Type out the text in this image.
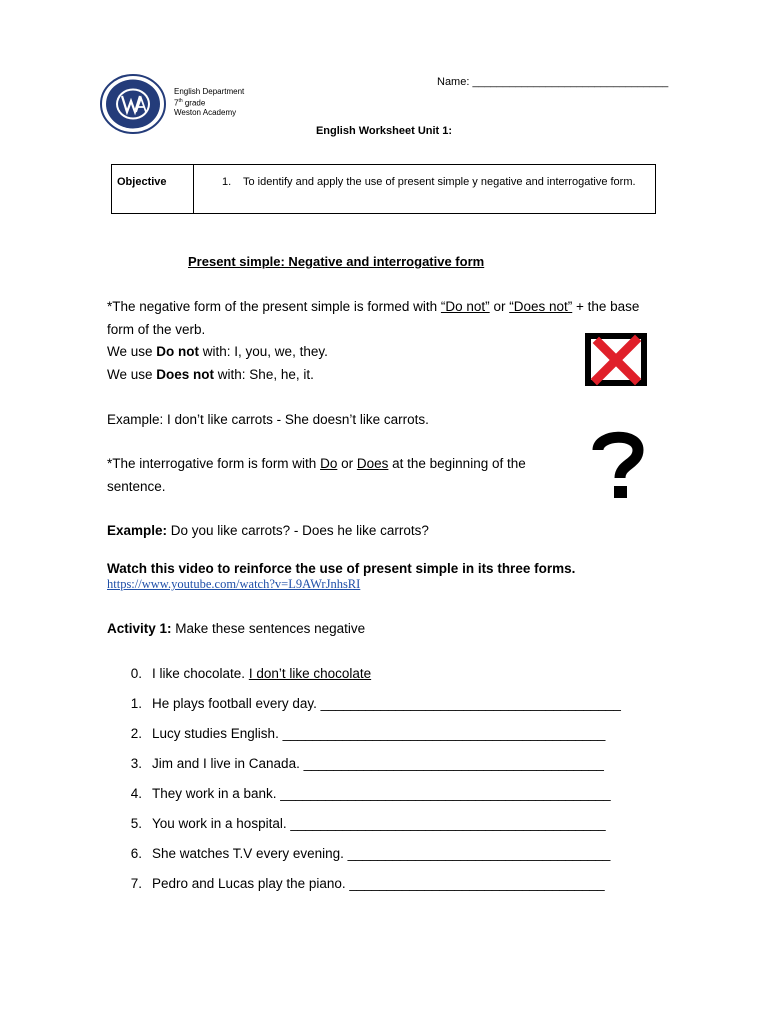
English Department
7th grade
Weston Academy
Name: ________________________________
English Worksheet Unit 1:
Objective	1. To identify and apply the use of present simple y negative and interrogative form.
Present simple: Negative and interrogative form
*The negative form of the present simple is formed with “Do not” or “Does not” + the base
form of the verb.
We use Do not with: I, you, we, they.
We use Does not with: She, he, it.
Example: I don’t like carrots - She doesn’t like carrots.
*The interrogative form is form with Do or Does at the beginning of the
sentence.
Example: Do you like carrots? - Does he like carrots?
Watch this video to reinforce the use of present simple in its three forms.
https://www.youtube.com/watch?v=L9AWrJnhsRI
Activity 1: Make these sentences negative
0. I like chocolate. I don’t like chocolate
1. He plays football every day. ________________________________________
2. Lucy studies English. ___________________________________________
3. Jim and I live in Canada. ________________________________________
4. They work in a bank. ____________________________________________
5. You work in a hospital. __________________________________________
6. She watches T.V every evening. ___________________________________
7. Pedro and Lucas play the piano. __________________________________
